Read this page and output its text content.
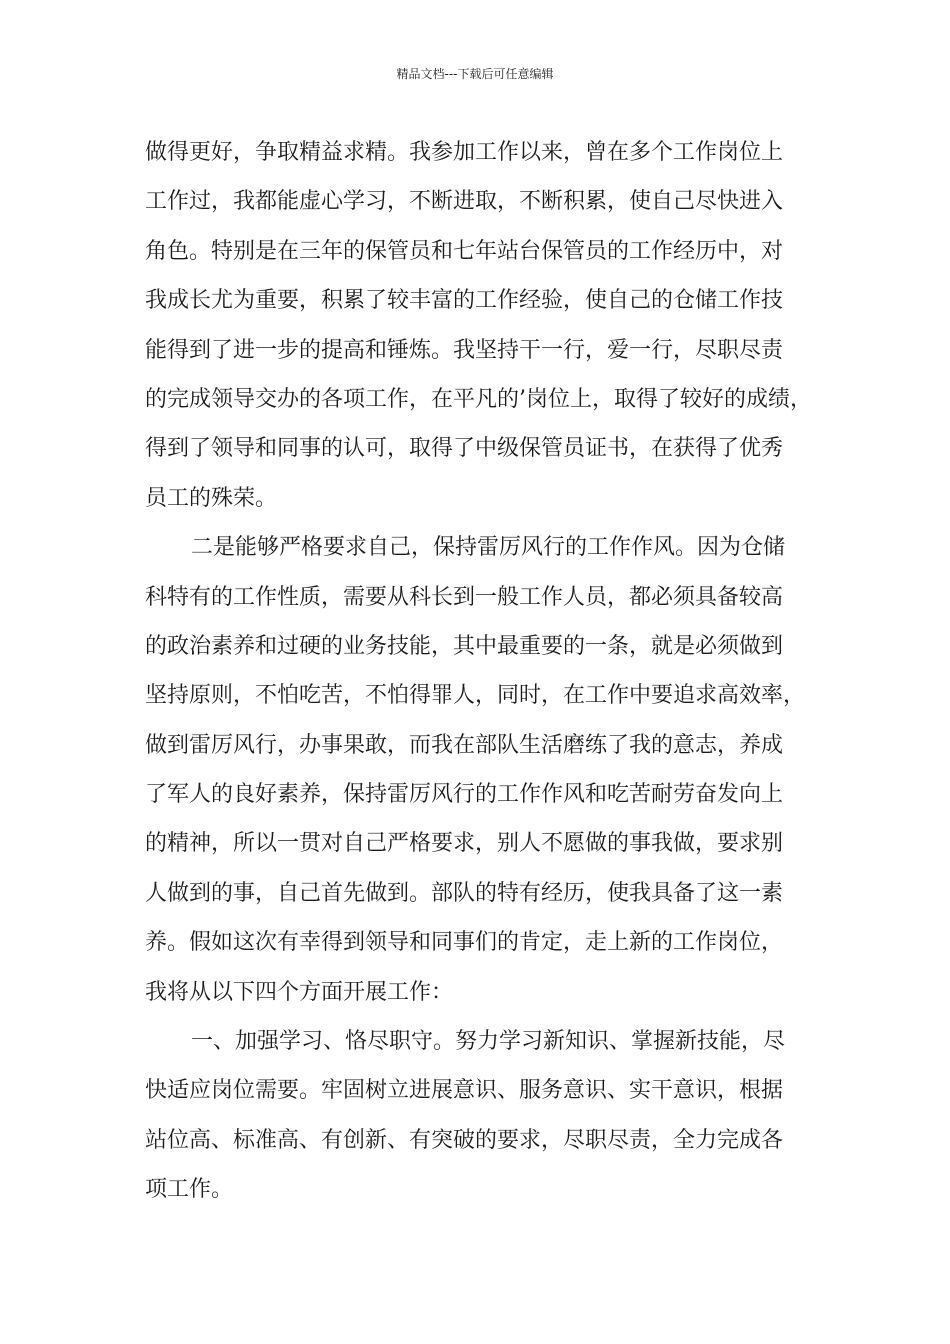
精品文档---下载后可任意编辑
做得更好，争取精益求精。我参加工作以来，曾在多个工作岗位上
工作过，我都能虚心学习，不断进取，不断积累，使自己尽快进入
角色。特别是在三年的保管员和七年站台保管员的工作经历中，对
我成长尤为重要，积累了较丰富的工作经验，使自己的仓储工作技
能得到了进一步的提高和锤炼。我坚持干一行，爱一行，尽职尽责
的完成领导交办的各项工作，在平凡的’岗位上，取得了较好的成绩，
得到了领导和同事的认可，取得了中级保管员证书，在获得了优秀
员工的殊荣。
二是能够严格要求自己，保持雷厉风行的工作作风。因为仓储
科特有的工作性质，需要从科长到一般工作人员，都必须具备较高
的政治素养和过硬的业务技能，其中最重要的一条，就是必须做到
坚持原则，不怕吃苦，不怕得罪人，同时，在工作中要追求高效率，
做到雷厉风行，办事果敢，而我在部队生活磨练了我的意志，养成
了军人的良好素养，保持雷厉风行的工作作风和吃苦耐劳奋发向上
的精神，所以一贯对自己严格要求，别人不愿做的事我做，要求别
人做到的事，自己首先做到。部队的特有经历，使我具备了这一素
养。假如这次有幸得到领导和同事们的肯定，走上新的工作岗位，
我将从以下四个方面开展工作：
一、加强学习、恪尽职守。努力学习新知识、掌握新技能，尽
快适应岗位需要。牢固树立进展意识、服务意识、实干意识，根据
站位高、标准高、有创新、有突破的要求，尽职尽责，全力完成各
项工作。
